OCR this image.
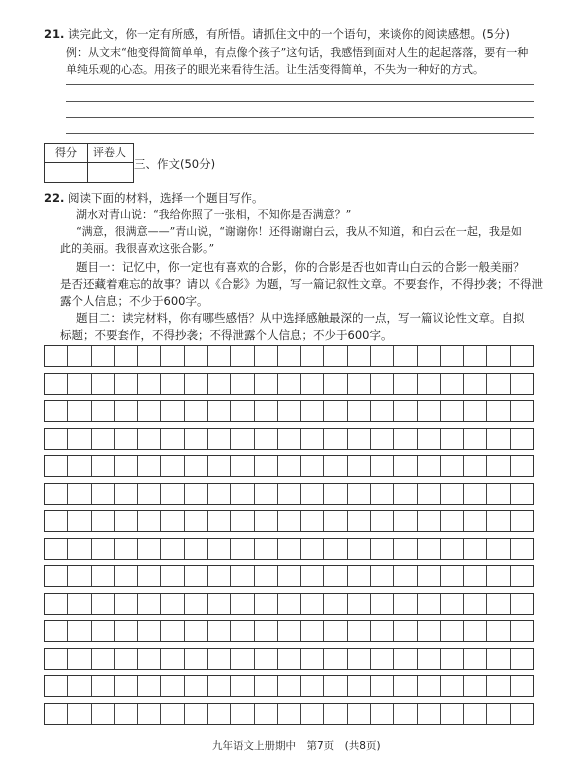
21. 读完此文，你一定有所感，有所悟。请抓住文中的一个语句，来谈你的阅读感想。(5分)
例：从文末“他变得简简单单，有点像个孩子”这句话，我感悟到面对人生的起起落落，要有一种
单纯乐观的心态。用孩子的眼光来看待生活。让生活变得简单，不失为一种好的方式。
得分 评卷人
三、作文(50分)
22. 阅读下面的材料，选择一个题目写作。
湖水对青山说：“我给你照了一张相，不知你是否满意？”
“满意，很满意——”青山说，“谢谢你！还得谢谢白云，我从不知道，和白云在一起，我是如
此的美丽。我很喜欢这张合影。”
题目一：记忆中，你一定也有喜欢的合影，你的合影是否也如青山白云的合影一般美丽？
是否还藏着难忘的故事？请以《合影》为题，写一篇记叙性文章。不要套作，不得抄袭；不得泄
露个人信息；不少于600字。
题目二：读完材料，你有哪些感悟？从中选择感触最深的一点，写一篇议论性文章。自拟
标题；不要套作，不得抄袭；不得泄露个人信息；不少于600字。
九年语文上册期中　第7页　(共8页)
